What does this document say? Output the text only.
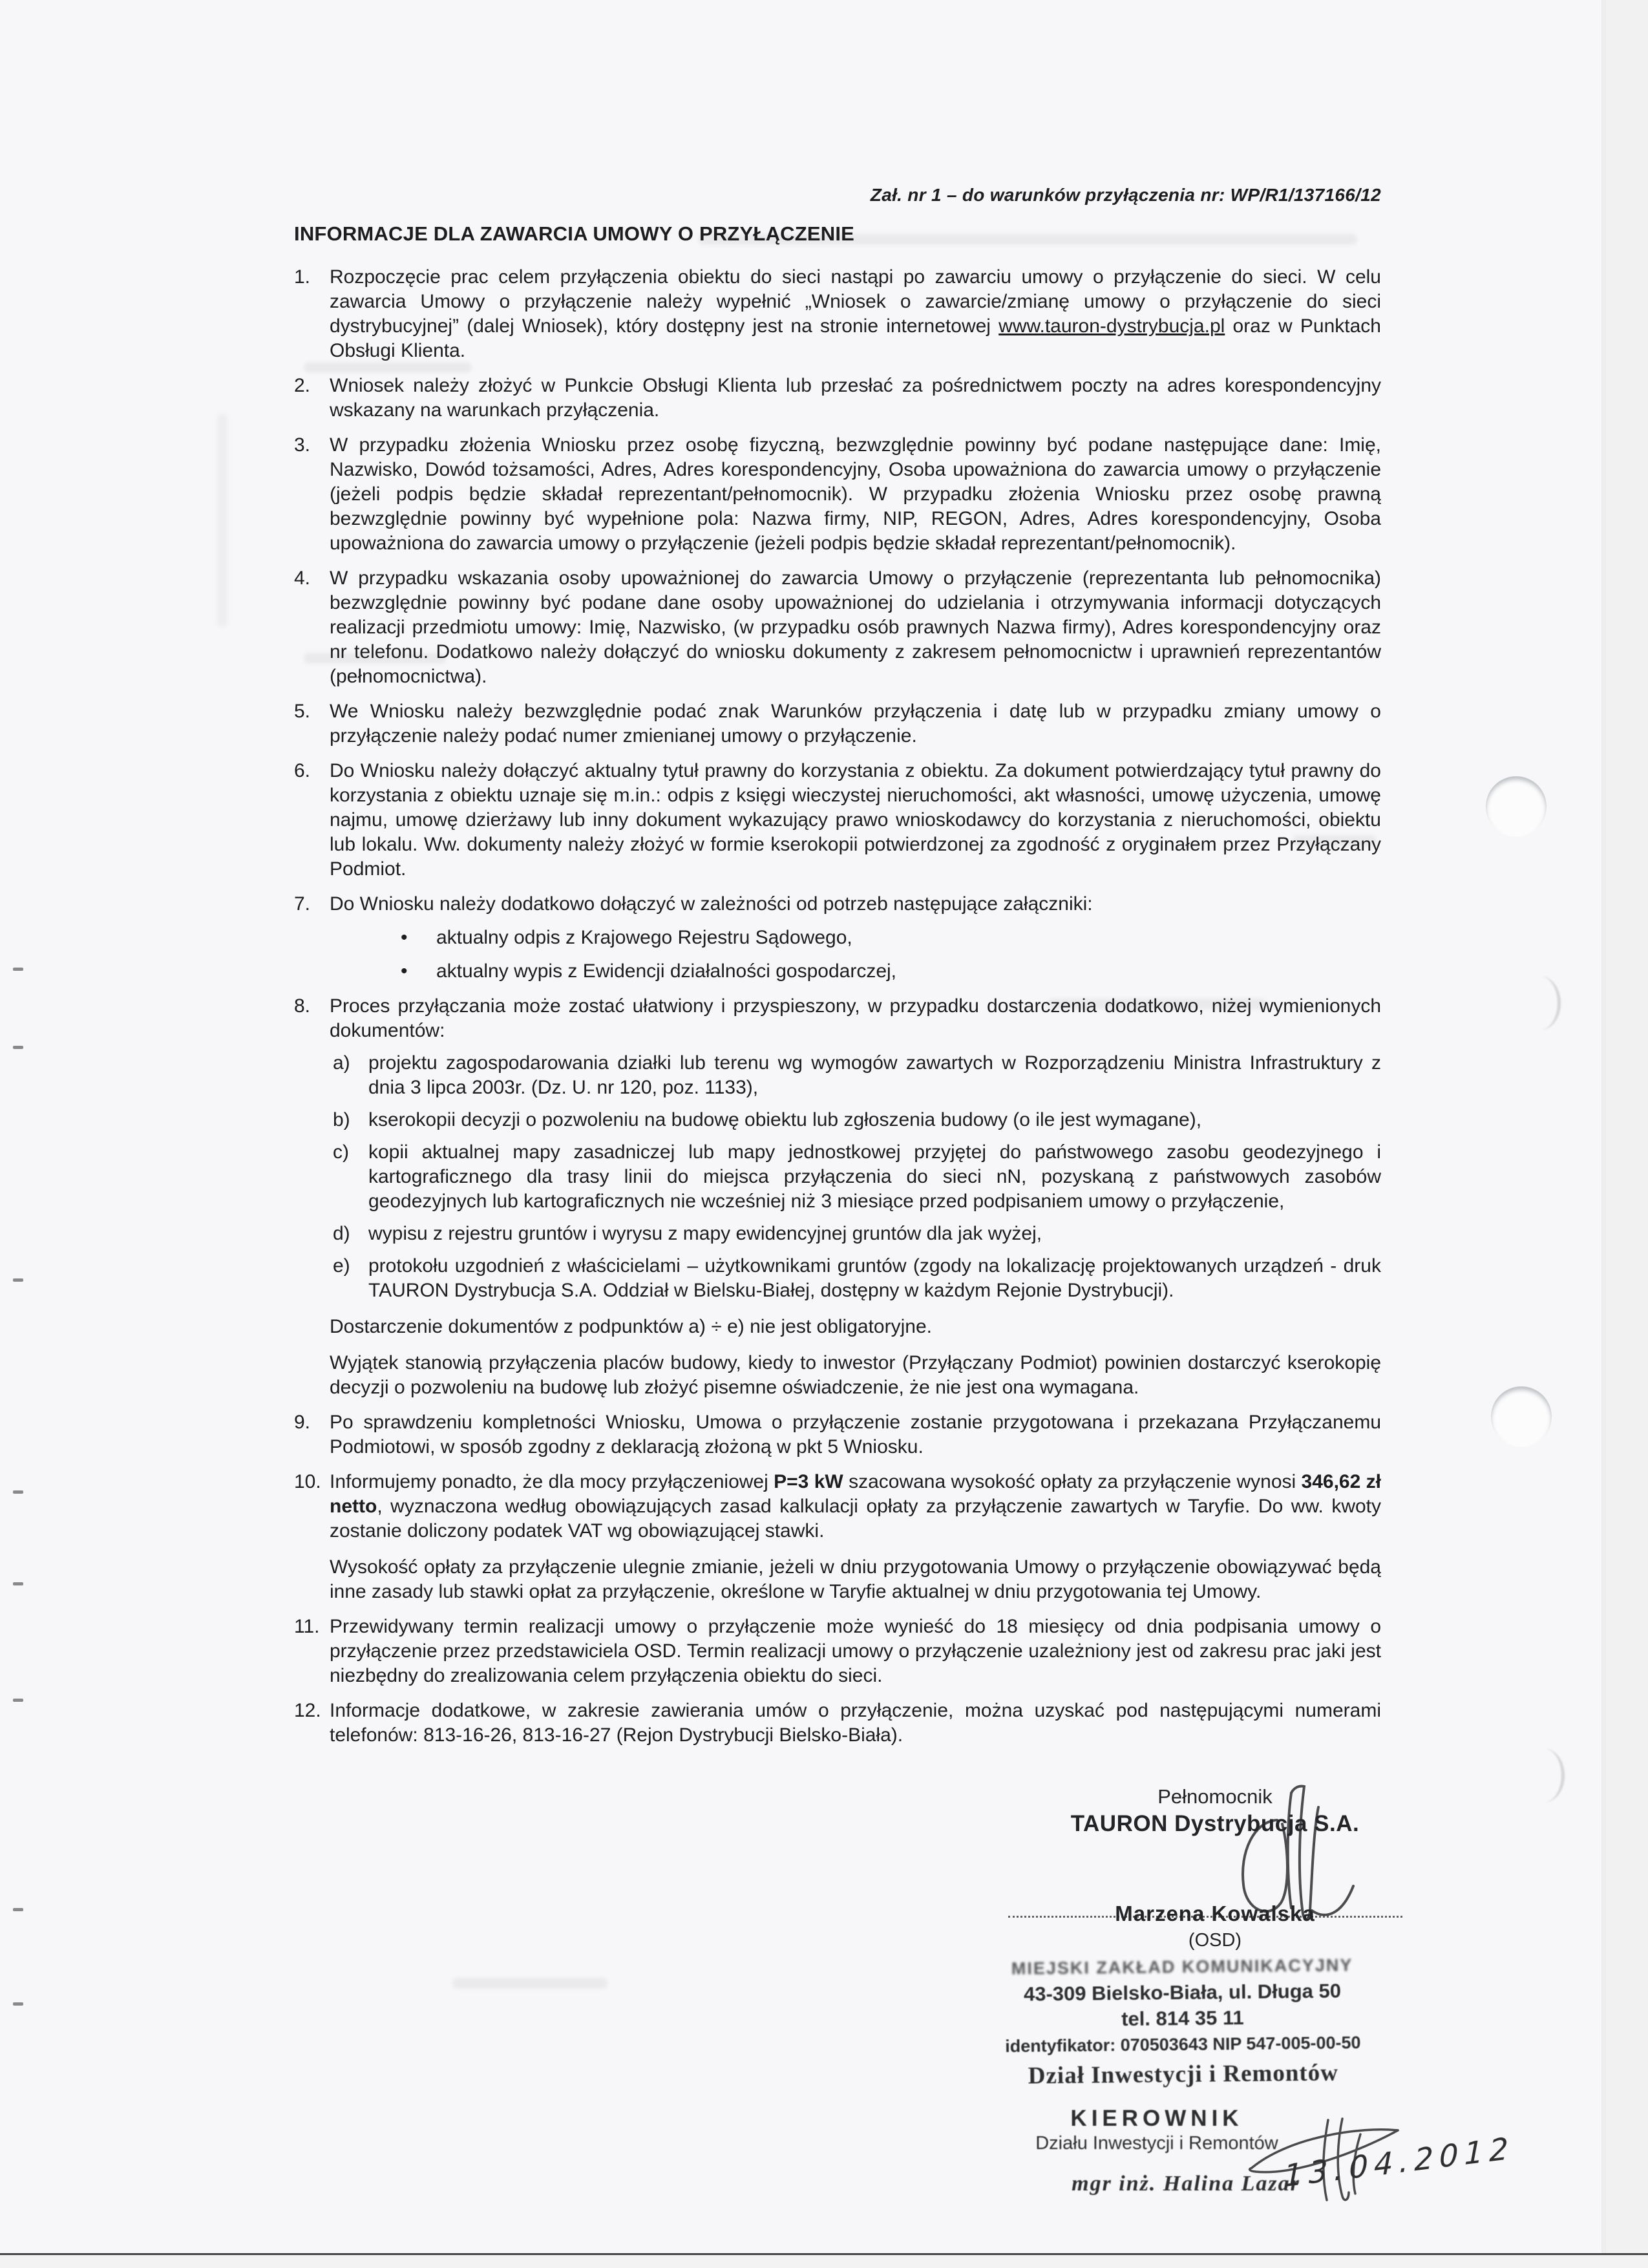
Zał. nr 1 – do warunków przyłączenia nr: WP/R1/137166/12
INFORMACJE DLA ZAWARCIA UMOWY O PRZYŁĄCZENIE
1. Rozpoczęcie prac celem przyłączenia obiektu do sieci nastąpi po zawarciu umowy o przyłączenie do sieci. W celu zawarcia Umowy o przyłączenie należy wypełnić „Wniosek o zawarcie/zmianę umowy o przyłączenie do sieci dystrybucyjnej” (dalej Wniosek), który dostępny jest na stronie internetowej www.tauron-dystrybucja.pl oraz w Punktach Obsługi Klienta.
2. Wniosek należy złożyć w Punkcie Obsługi Klienta lub przesłać za pośrednictwem poczty na adres korespondencyjny wskazany na warunkach przyłączenia.
3. W przypadku złożenia Wniosku przez osobę fizyczną, bezwzględnie powinny być podane następujące dane: Imię, Nazwisko, Dowód tożsamości, Adres, Adres korespondencyjny, Osoba upoważniona do zawarcia umowy o przyłączenie (jeżeli podpis będzie składał reprezentant/pełnomocnik). W przypadku złożenia Wniosku przez osobę prawną bezwzględnie powinny być wypełnione pola: Nazwa firmy, NIP, REGON, Adres, Adres korespondencyjny, Osoba upoważniona do zawarcia umowy o przyłączenie (jeżeli podpis będzie składał reprezentant/pełnomocnik).
4. W przypadku wskazania osoby upoważnionej do zawarcia Umowy o przyłączenie (reprezentanta lub pełnomocnika) bezwzględnie powinny być podane dane osoby upoważnionej do udzielania i otrzymywania informacji dotyczących realizacji przedmiotu umowy: Imię, Nazwisko, (w przypadku osób prawnych Nazwa firmy), Adres korespondencyjny oraz nr telefonu. Dodatkowo należy dołączyć do wniosku dokumenty z zakresem pełnomocnictw i uprawnień reprezentantów (pełnomocnictwa).
5. We Wniosku należy bezwzględnie podać znak Warunków przyłączenia i datę lub w przypadku zmiany umowy o przyłączenie należy podać numer zmienianej umowy o przyłączenie.
6. Do Wniosku należy dołączyć aktualny tytuł prawny do korzystania z obiektu. Za dokument potwierdzający tytuł prawny do korzystania z obiektu uznaje się m.in.: odpis z księgi wieczystej nieruchomości, akt własności, umowę użyczenia, umowę najmu, umowę dzierżawy lub inny dokument wykazujący prawo wnioskodawcy do korzystania z nieruchomości, obiektu lub lokalu. Ww. dokumenty należy złożyć w formie kserokopii potwierdzonej za zgodność z oryginałem przez Przyłączany Podmiot.
7. Do Wniosku należy dodatkowo dołączyć w zależności od potrzeb następujące załączniki:
•	aktualny odpis z Krajowego Rejestru Sądowego,
•	aktualny wypis z Ewidencji działalności gospodarczej,
8. Proces przyłączania może zostać ułatwiony i przyspieszony, w przypadku dostarczenia dodatkowo, niżej wymienionych dokumentów:
a) projektu zagospodarowania działki lub terenu wg wymogów zawartych w Rozporządzeniu Ministra Infrastruktury z dnia 3 lipca 2003r. (Dz. U. nr 120, poz. 1133),
b) kserokopii decyzji o pozwoleniu na budowę obiektu lub zgłoszenia budowy (o ile jest wymagane),
c)	kopii aktualnej mapy zasadniczej lub mapy jednostkowej przyjętej do państwowego zasobu geodezyjnego i kartograficznego dla trasy linii do miejsca przyłączenia do sieci nN, pozyskaną z państwowych zasobów geodezyjnych lub kartograficznych nie wcześniej niż 3 miesiące przed podpisaniem umowy o przyłączenie,
d) wypisu z rejestru gruntów i wyrysu z mapy ewidencyjnej gruntów dla jak wyżej,
e) protokołu uzgodnień z właścicielami – użytkownikami gruntów (zgody na lokalizację projektowanych urządzeń - druk TAURON Dystrybucja S.A. Oddział w Bielsku-Białej, dostępny w każdym Rejonie Dystrybucji).
Dostarczenie dokumentów z podpunktów a) ÷ e) nie jest obligatoryjne.
Wyjątek stanowią przyłączenia placów budowy, kiedy to inwestor (Przyłączany Podmiot) powinien dostarczyć kserokopię decyzji o pozwoleniu na budowę lub złożyć pisemne oświadczenie, że nie jest ona wymagana.
9. Po sprawdzeniu kompletności Wniosku, Umowa o przyłączenie zostanie przygotowana i przekazana Przyłączanemu Podmiotowi, w sposób zgodny z deklaracją złożoną w pkt 5 Wniosku.
10. Informujemy ponadto, że dla mocy przyłączeniowej P=3 kW szacowana wysokość opłaty za przyłączenie wynosi 346,62 zł netto, wyznaczona według obowiązujących zasad kalkulacji opłaty za przyłączenie zawartych w Taryfie. Do ww. kwoty zostanie doliczony podatek VAT wg obowiązującej stawki.
Wysokość opłaty za przyłączenie ulegnie zmianie, jeżeli w dniu przygotowania Umowy o przyłączenie obowiązywać będą inne zasady lub stawki opłat za przyłączenie, określone w Taryfie aktualnej w dniu przygotowania tej Umowy.
11. Przewidywany termin realizacji umowy o przyłączenie może wynieść do 18 miesięcy od dnia podpisania umowy o przyłączenie przez przedstawiciela OSD. Termin realizacji umowy o przyłączenie uzależniony jest od zakresu prac jaki jest niezbędny do zrealizowania celem przyłączenia obiektu do sieci.
12. Informacje dodatkowe, w zakresie zawierania umów o przyłączenie, można uzyskać pod następującymi numerami telefonów: 813-16-26, 813-16-27 (Rejon Dystrybucji Bielsko-Biała).
Pełnomocnik
TAURON Dystrybucja S.A.
Marzena Kowalska
(OSD)
MIEJSKI ZAKŁAD KOMUNIKACYJNY
43-309 Bielsko-Biała, ul. Długa 50
tel. 814 35 11
identyfikator: 070503643 NIP 547-005-00-50
Dział Inwestycji i Remontów
KIEROWNIK
Działu Inwestycji i Remontów
mgr inż. Halina Lazar
13.04.2012
